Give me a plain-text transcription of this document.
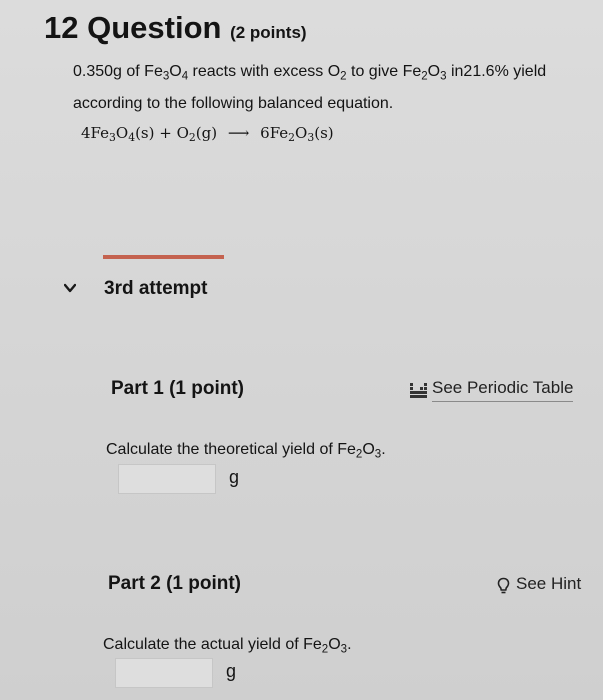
12 Question (2 points)
0.350g of $Fe_3O_4$ reacts with excess $O_2$ to give $Fe_2O_3$ in21.6% yield
according to the following balanced equation.
$4Fe_3O_4(s) + O_2(g)$ ⟶ $6Fe_2O_3(s)$
3rd attempt
Part 1 (1 point)	See Periodic Table
Calculate the theoretical yield of $Fe_2O_3$.
g
Part 2 (1 point)	See Hint
Calculate the actual yield of $Fe_2O_3$.
g
